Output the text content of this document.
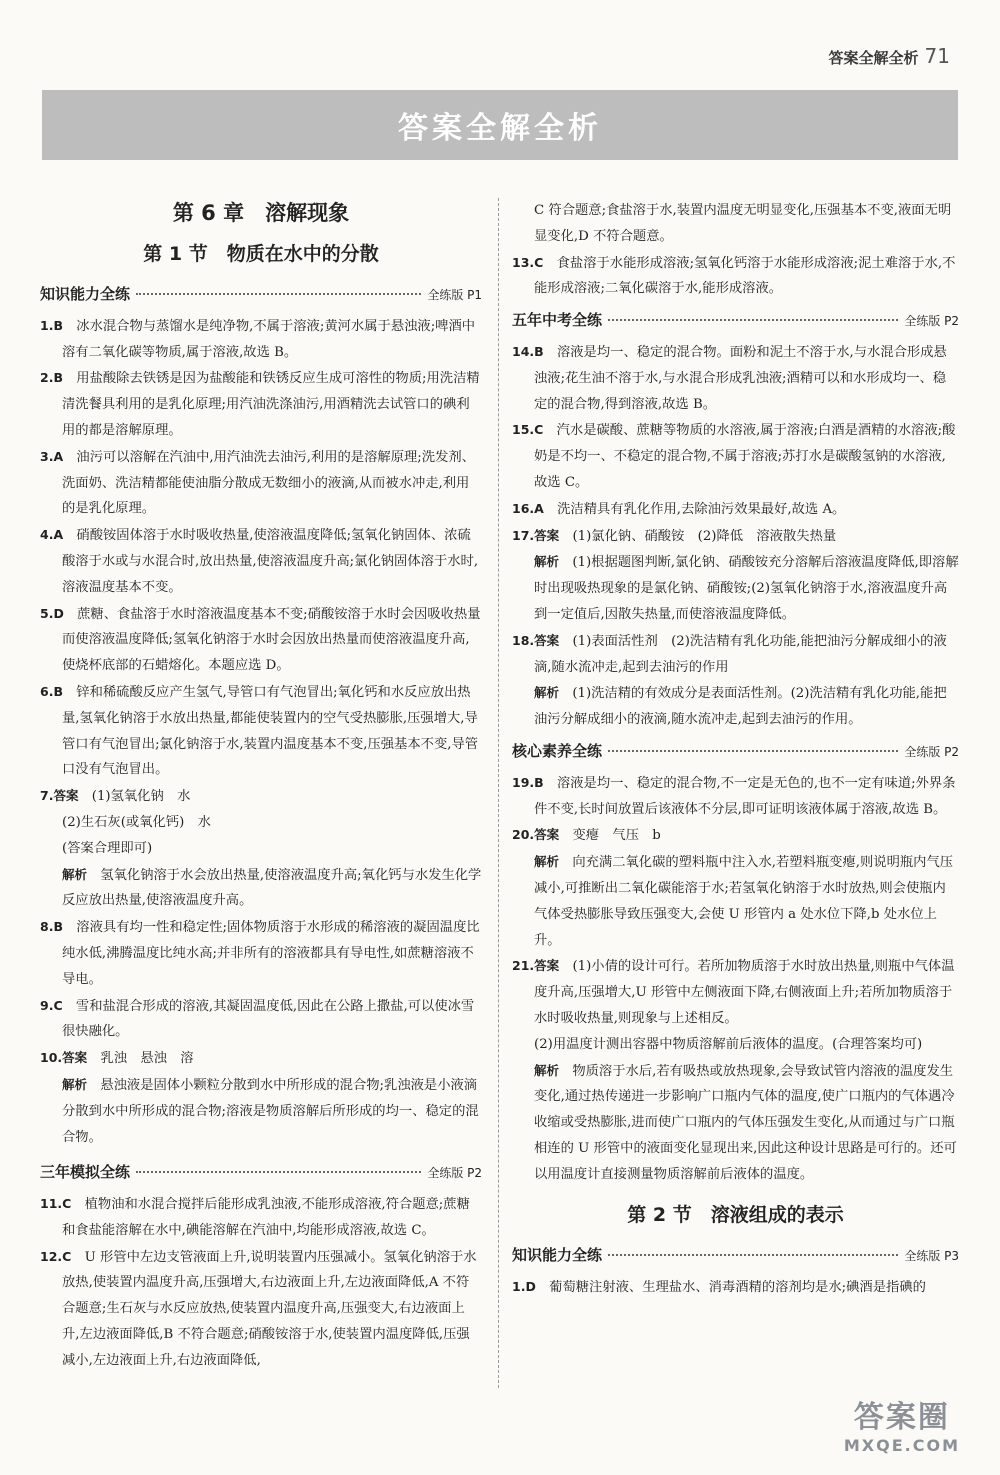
答案全解全析 71
答案全解全析
第 6 章　溶解现象
第 1 节　物质在水中的分散
知识能力全练	全练版 P1

1.B　 冰水混合物与蒸馏水是纯净物,不属于溶液;黄河水属于悬浊液;啤酒中溶有二氧化碳等物质,属于溶液,故选 B。

2.B　 用盐酸除去铁锈是因为盐酸能和铁锈反应生成可溶性的物质;用洗洁精清洗餐具利用的是乳化原理;用汽油洗涤油污,用酒精洗去试管口的碘利用的都是溶解原理。

3.A　 油污可以溶解在汽油中,用汽油洗去油污,利用的是溶解原理;洗发剂、洗面奶、洗洁精都能使油脂分散成无数细小的液滴,从而被水冲走,利用的是乳化原理。

4.A　 硝酸铵固体溶于水时吸收热量,使溶液温度降低;氢氧化钠固体、浓硫酸溶于水或与水混合时,放出热量,使溶液温度升高;氯化钠固体溶于水时,溶液温度基本不变。

5.D　 蔗糖、食盐溶于水时溶液温度基本不变;硝酸铵溶于水时会因吸收热量而使溶液温度降低;氢氧化钠溶于水时会因放出热量而使溶液温度升高,使烧杯底部的石蜡熔化。本题应选 D。

6.B　 锌和稀硫酸反应产生氢气,导管口有气泡冒出;氧化钙和水反应放出热量,氢氧化钠溶于水放出热量,都能使装置内的空气受热膨胀,压强增大,导管口有气泡冒出;氯化钠溶于水,装置内温度基本不变,压强基本不变,导管口没有气泡冒出。

7.答案　 (1)氢氧化钠　水

(2)生石灰(或氧化钙)　水

(答案合理即可)

解析　 氢氧化钠溶于水会放出热量,使溶液温度升高;氧化钙与水发生化学反应放出热量,使溶液温度升高。

8.B　 溶液具有均一性和稳定性;固体物质溶于水形成的稀溶液的凝固温度比纯水低,沸腾温度比纯水高;并非所有的溶液都具有导电性,如蔗糖溶液不导电。

9.C　 雪和盐混合形成的溶液,其凝固温度低,因此在公路上撒盐,可以使冰雪很快融化。

10.答案　 乳浊　悬浊　溶

解析　 悬浊液是固体小颗粒分散到水中所形成的混合物;乳浊液是小液滴分散到水中所形成的混合物;溶液是物质溶解后所形成的均一、稳定的混合物。

三年模拟全练	全练版 P2

11.C　 植物油和水混合搅拌后能形成乳浊液,不能形成溶液,符合题意;蔗糖和食盐能溶解在水中,碘能溶解在汽油中,均能形成溶液,故选 C。

12.C　 U 形管中左边支管液面上升,说明装置内压强减小。氢氧化钠溶于水放热,使装置内温度升高,压强增大,右边液面上升,左边液面降低,A 不符合题意;生石灰与水反应放热,使装置内温度升高,压强变大,右边液面上升,左边液面降低,B 不符合题意;硝酸铵溶于水,使装置内温度降低,压强减小,左边液面上升,右边液面降低,

C 符合题意;食盐溶于水,装置内温度无明显变化,压强基本不变,液面无明显变化,D 不符合题意。

13.C　 食盐溶于水能形成溶液;氢氧化钙溶于水能形成溶液;泥土难溶于水,不能形成溶液;二氧化碳溶于水,能形成溶液。

五年中考全练	全练版 P2

14.B　 溶液是均一、稳定的混合物。面粉和泥土不溶于水,与水混合形成悬浊液;花生油不溶于水,与水混合形成乳浊液;酒精可以和水形成均一、稳定的混合物,得到溶液,故选 B。

15.C　 汽水是碳酸、蔗糖等物质的水溶液,属于溶液;白酒是酒精的水溶液;酸奶是不均一、不稳定的混合物,不属于溶液;苏打水是碳酸氢钠的水溶液,故选 C。

16.A　 洗洁精具有乳化作用,去除油污效果最好,故选 A。

17.答案　 (1)氯化钠、硝酸铵　(2)降低　溶液散失热量

解析　 (1)根据题图判断,氯化钠、硝酸铵充分溶解后溶液温度降低,即溶解时出现吸热现象的是氯化钠、硝酸铵;(2)氢氧化钠溶于水,溶液温度升高到一定值后,因散失热量,而使溶液温度降低。

18.答案　 (1)表面活性剂　(2)洗洁精有乳化功能,能把油污分解成细小的液滴,随水流冲走,起到去油污的作用

解析　 (1)洗洁精的有效成分是表面活性剂。(2)洗洁精有乳化功能,能把油污分解成细小的液滴,随水流冲走,起到去油污的作用。

核心素养全练	全练版 P2

19.B　 溶液是均一、稳定的混合物,不一定是无色的,也不一定有味道;外界条件不变,长时间放置后该液体不分层,即可证明该液体属于溶液,故选 B。

20.答案　 变瘪　气压　b

解析　 向充满二氧化碳的塑料瓶中注入水,若塑料瓶变瘪,则说明瓶内气压减小,可推断出二氧化碳能溶于水;若氢氧化钠溶于水时放热,则会使瓶内气体受热膨胀导致压强变大,会使 U 形管内 a 处水位下降,b 处水位上升。

21.答案　 (1)小倩的设计可行。若所加物质溶于水时放出热量,则瓶中气体温度升高,压强增大,U 形管中左侧液面下降,右侧液面上升;若所加物质溶于水时吸收热量,则现象与上述相反。

(2)用温度计测出容器中物质溶解前后液体的温度。(合理答案均可)

解析　 物质溶于水后,若有吸热或放热现象,会导致试管内溶液的温度发生变化,通过热传递进一步影响广口瓶内气体的温度,使广口瓶内的气体遇冷收缩或受热膨胀,进而使广口瓶内的气体压强发生变化,从而通过与广口瓶相连的 U 形管中的液面变化显现出来,因此这种设计思路是可行的。还可以用温度计直接测量物质溶解前后液体的温度。

第 2 节　溶液组成的表示
知识能力全练	全练版 P3

1.D　 葡萄糖注射液、生理盐水、消毒酒精的溶剂均是水;碘酒是指碘的

答案圈
MXQE.COM
